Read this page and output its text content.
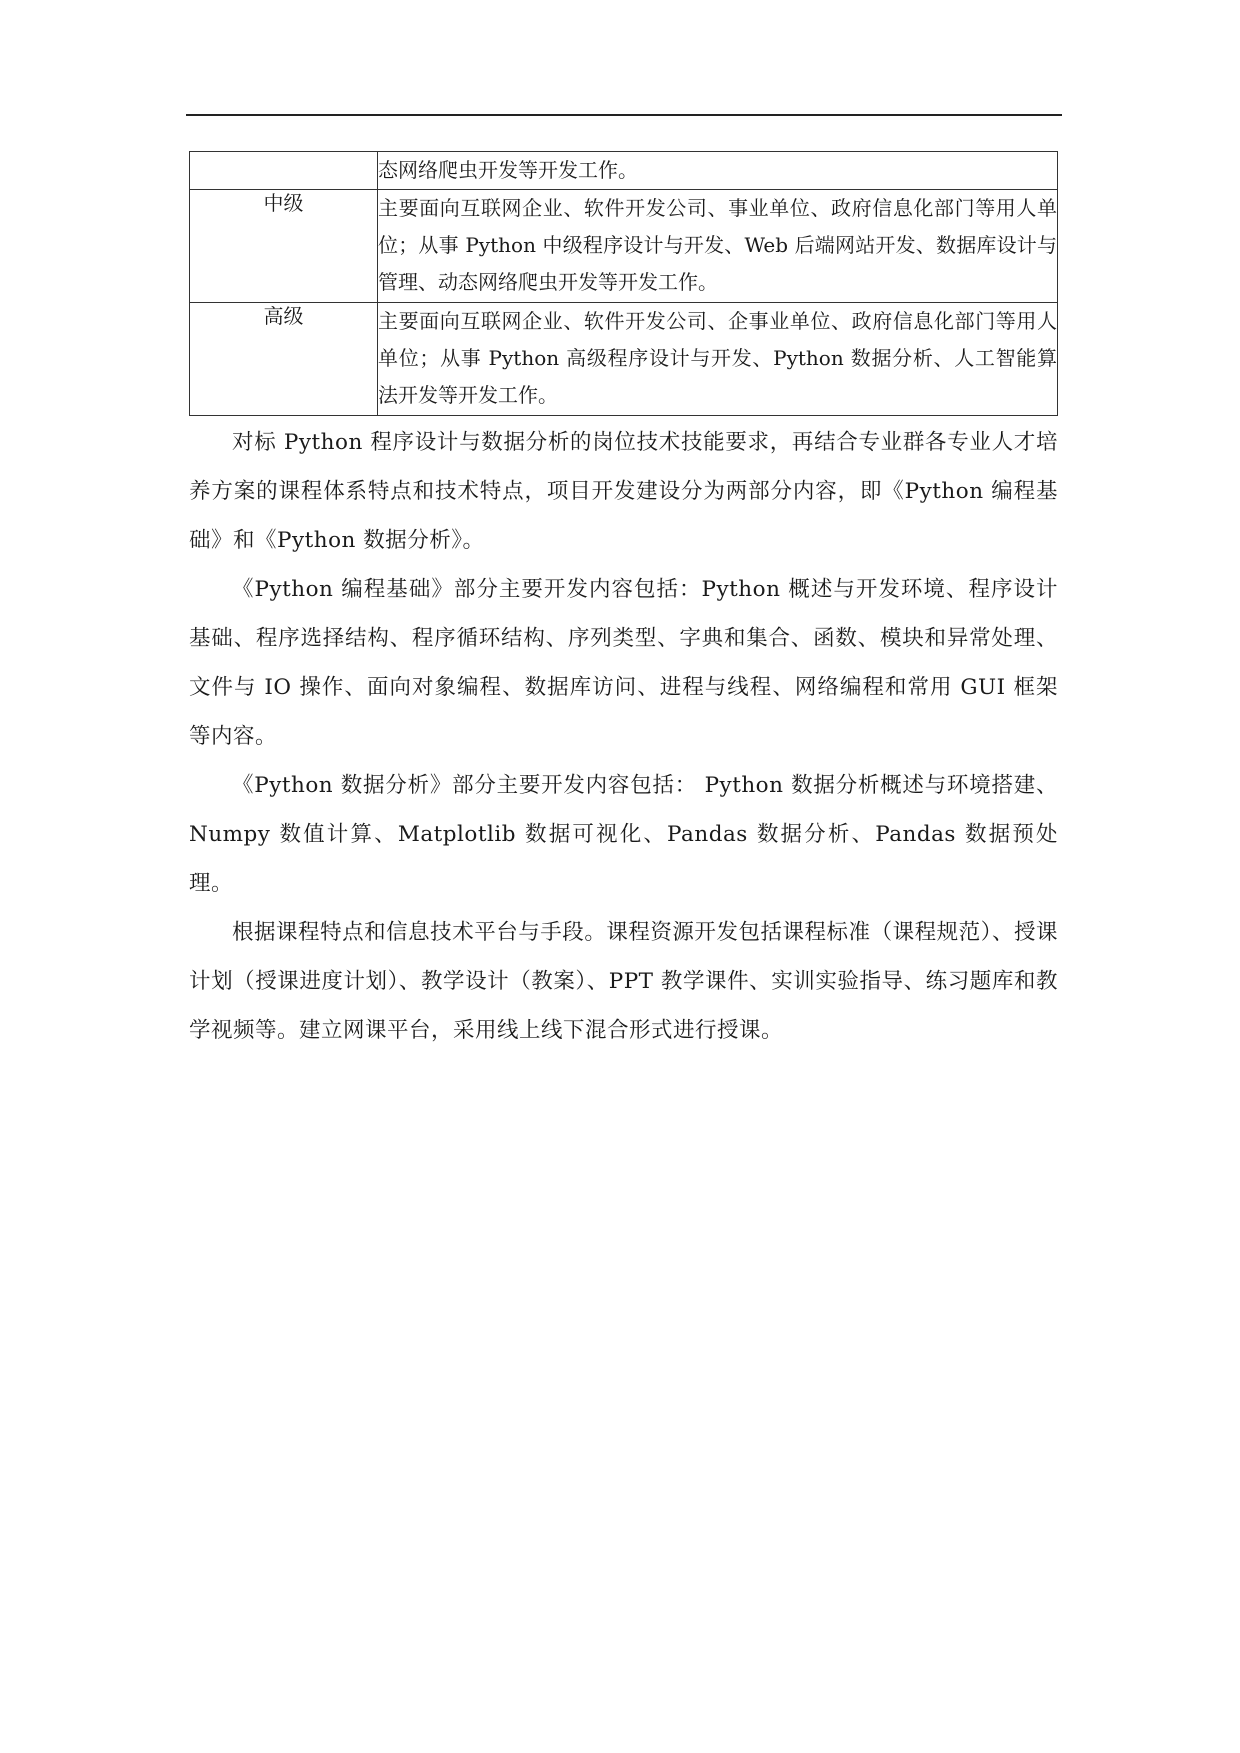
	态网络爬虫开发等开发工作。
中级	主要面向互联网企业、软件开发公司、事业单位、政府信息化部门等用人单位；从事 Python 中级程序设计与开发、Web 后端网站开发、数据库设计与管理、动态网络爬虫开发等开发工作。
高级	主要面向互联网企业、软件开发公司、企事业单位、政府信息化部门等用人单位；从事 Python 高级程序设计与开发、Python 数据分析、人工智能算法开发等开发工作。

对标 Python 程序设计与数据分析的岗位技术技能要求，再结合专业群各专业人才培养方案的课程体系特点和技术特点，项目开发建设分为两部分内容，即《Python 编程基础》和《Python 数据分析》。

《Python 编程基础》部分主要开发内容包括：Python 概述与开发环境、程序设计基础、程序选择结构、程序循环结构、序列类型、字典和集合、函数、模块和异常处理、文件与 IO 操作、面向对象编程、数据库访问、进程与线程、网络编程和常用 GUI 框架等内容。

《Python 数据分析》部分主要开发内容包括： Python 数据分析概述与环境搭建、Numpy 数值计算、Matplotlib 数据可视化、Pandas 数据分析、Pandas 数据预处理。

根据课程特点和信息技术平台与手段。课程资源开发包括课程标准（课程规范）、授课计划（授课进度计划）、教学设计（教案）、PPT 教学课件、实训实验指导、练习题库和教学视频等。建立网课平台，采用线上线下混合形式进行授课。
